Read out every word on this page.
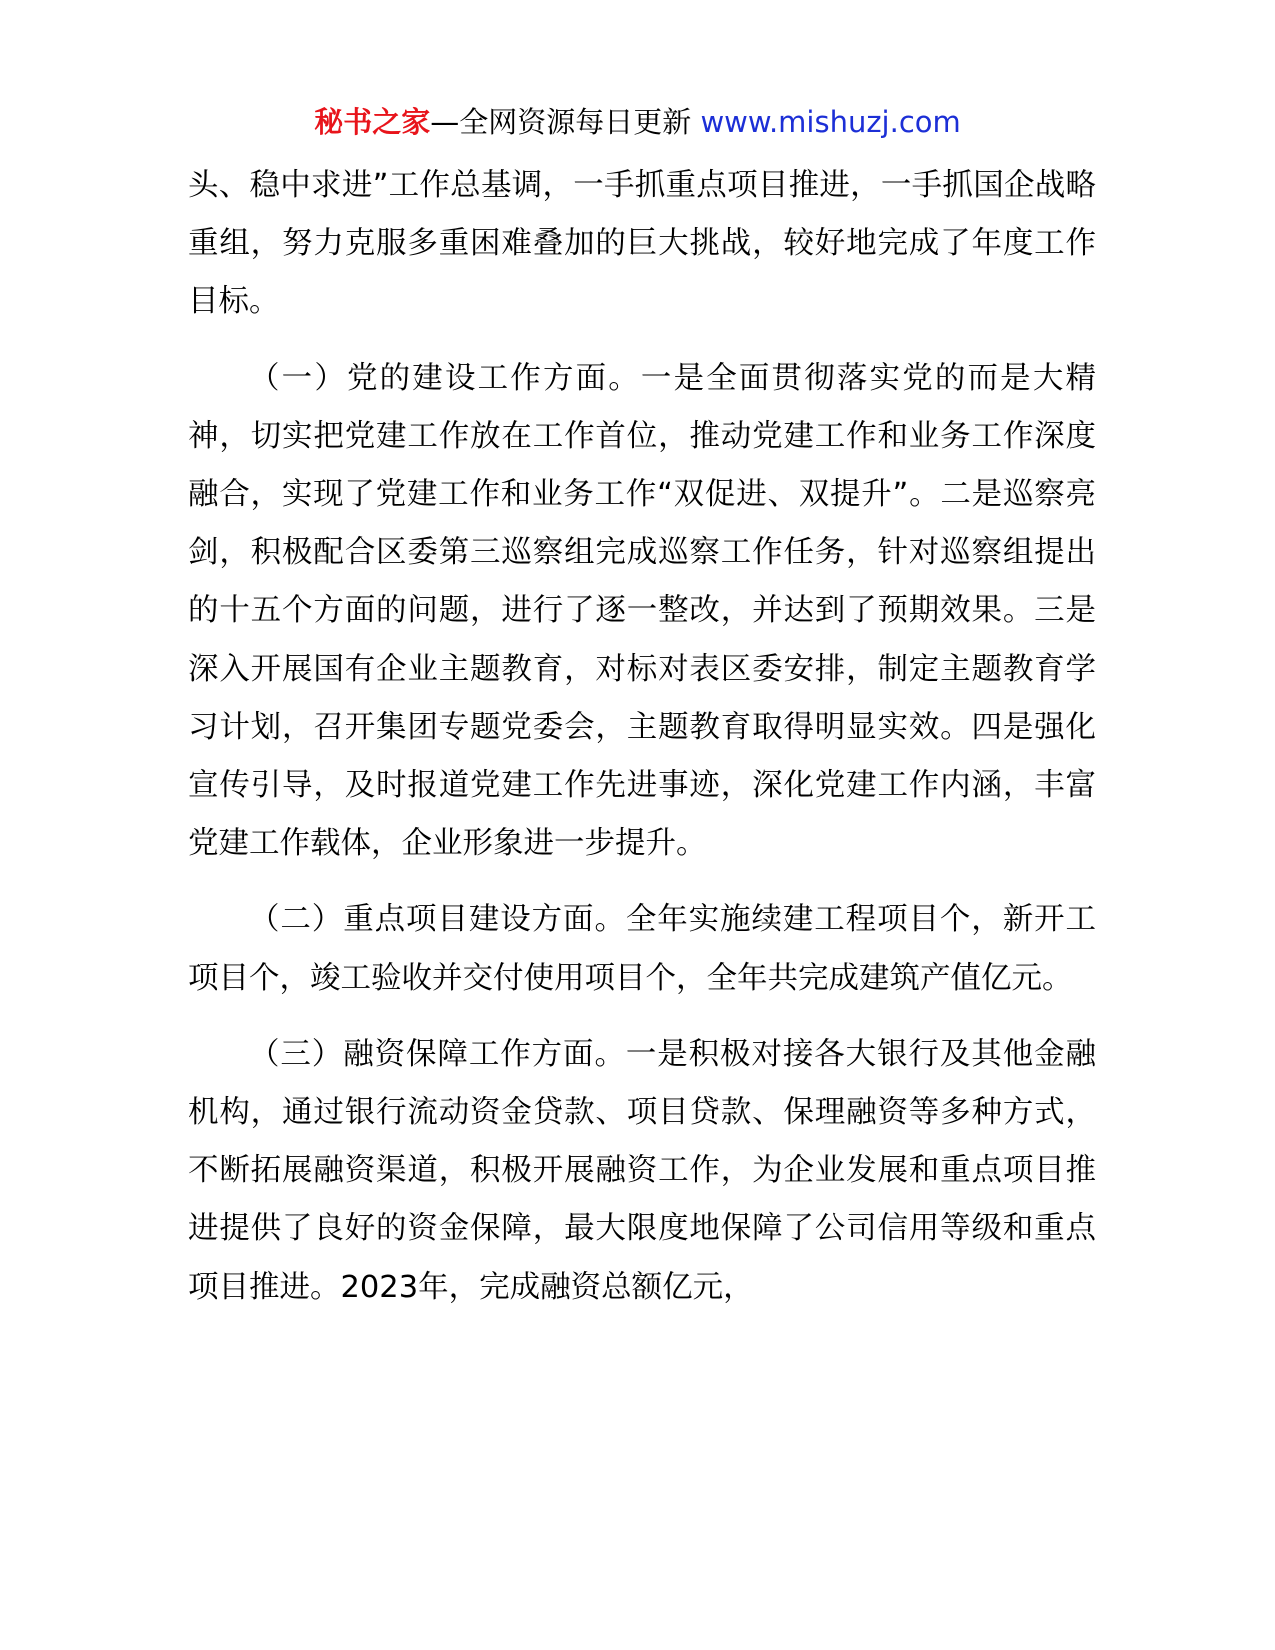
秘书之家—全网资源每日更新 www.mishuzj.com

头、稳中求进”工作总基调，一手抓重点项目推进，一手抓国企战略重组，努力克服多重困难叠加的巨大挑战，较好地完成了年度工作目标。

（一）党的建设工作方面。一是全面贯彻落实党的而是大精神，切实把党建工作放在工作首位，推动党建工作和业务工作深度融合，实现了党建工作和业务工作“双促进、双提升”。二是巡察亮剑，积极配合区委第三巡察组完成巡察工作任务，针对巡察组提出的十五个方面的问题，进行了逐一整改，并达到了预期效果。三是深入开展国有企业主题教育，对标对表区委安排，制定主题教育学习计划，召开集团专题党委会，主题教育取得明显实效。四是强化宣传引导，及时报道党建工作先进事迹，深化党建工作内涵，丰富党建工作载体，企业形象进一步提升。

（二）重点项目建设方面。全年实施续建工程项目个，新开工项目个，竣工验收并交付使用项目个，全年共完成建筑产值亿元。

（三）融资保障工作方面。一是积极对接各大银行及其他金融机构，通过银行流动资金贷款、项目贷款、保理融资等多种方式，不断拓展融资渠道，积极开展融资工作，为企业发展和重点项目推进提供了良好的资金保障，最大限度地保障了公司信用等级和重点项目推进。2023年，完成融资总额亿元，
